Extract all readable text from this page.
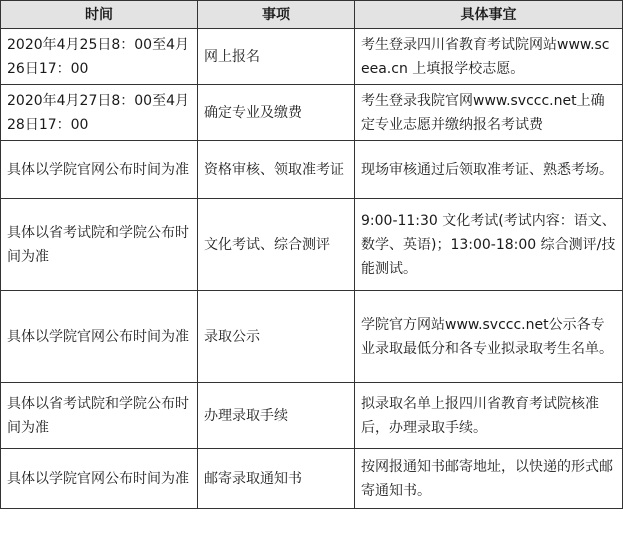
时间	事项	具体事宜
2020年4月25日8：00至4月26日17：00	网上报名	考生登录四川省教育考试院网站www.sceea.cn 上填报学校志愿。
2020年4月27日8：00至4月28日17：00	确定专业及缴费	考生登录我院官网www.svccc.net上确定专业志愿并缴纳报名考试费
具体以学院官网公布时间为准	资格审核、领取准考证	现场审核通过后领取准考证、熟悉考场。
具体以省考试院和学院公布时间为准	文化考试、综合测评	9:00-11:30 文化考试(考试内容：语文、数学、英语)；13:00-18:00 综合测评/技能测试。
具体以学院官网公布时间为准	录取公示	学院官方网站www.svccc.net公示各专业录取最低分和各专业拟录取考生名单。
具体以省考试院和学院公布时间为准	办理录取手续	拟录取名单上报四川省教育考试院核准后，办理录取手续。
具体以学院官网公布时间为准	邮寄录取通知书	按网报通知书邮寄地址，以快递的形式邮寄通知书。
